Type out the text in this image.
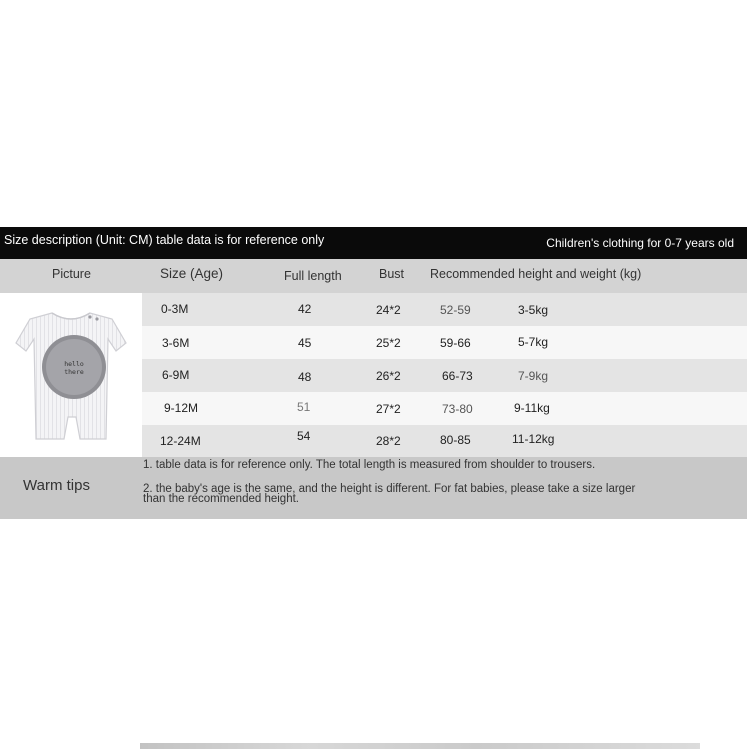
Size description (Unit: CM) table data is for reference only	Children's clothing for 0-7 years old
Picture	Size (Age)	Full length	Bust Recommended height and weight (kg)
hello
there
0-3M	42	24*2	52-59	3-5kg
3-6M	45	25*2	59-66	5-7kg
6-9M	48	26*2	66-73	7-9kg
9-12M	51	27*2	73-80	9-11kg
12-24M	54	28*2	80-85	11-12kg
Warm tips
1. table data is for reference only. The total length is measured from shoulder to trousers.
2. the baby's age is the same, and the height is different. For fat babies, please take a size larger
than the recommended height.
